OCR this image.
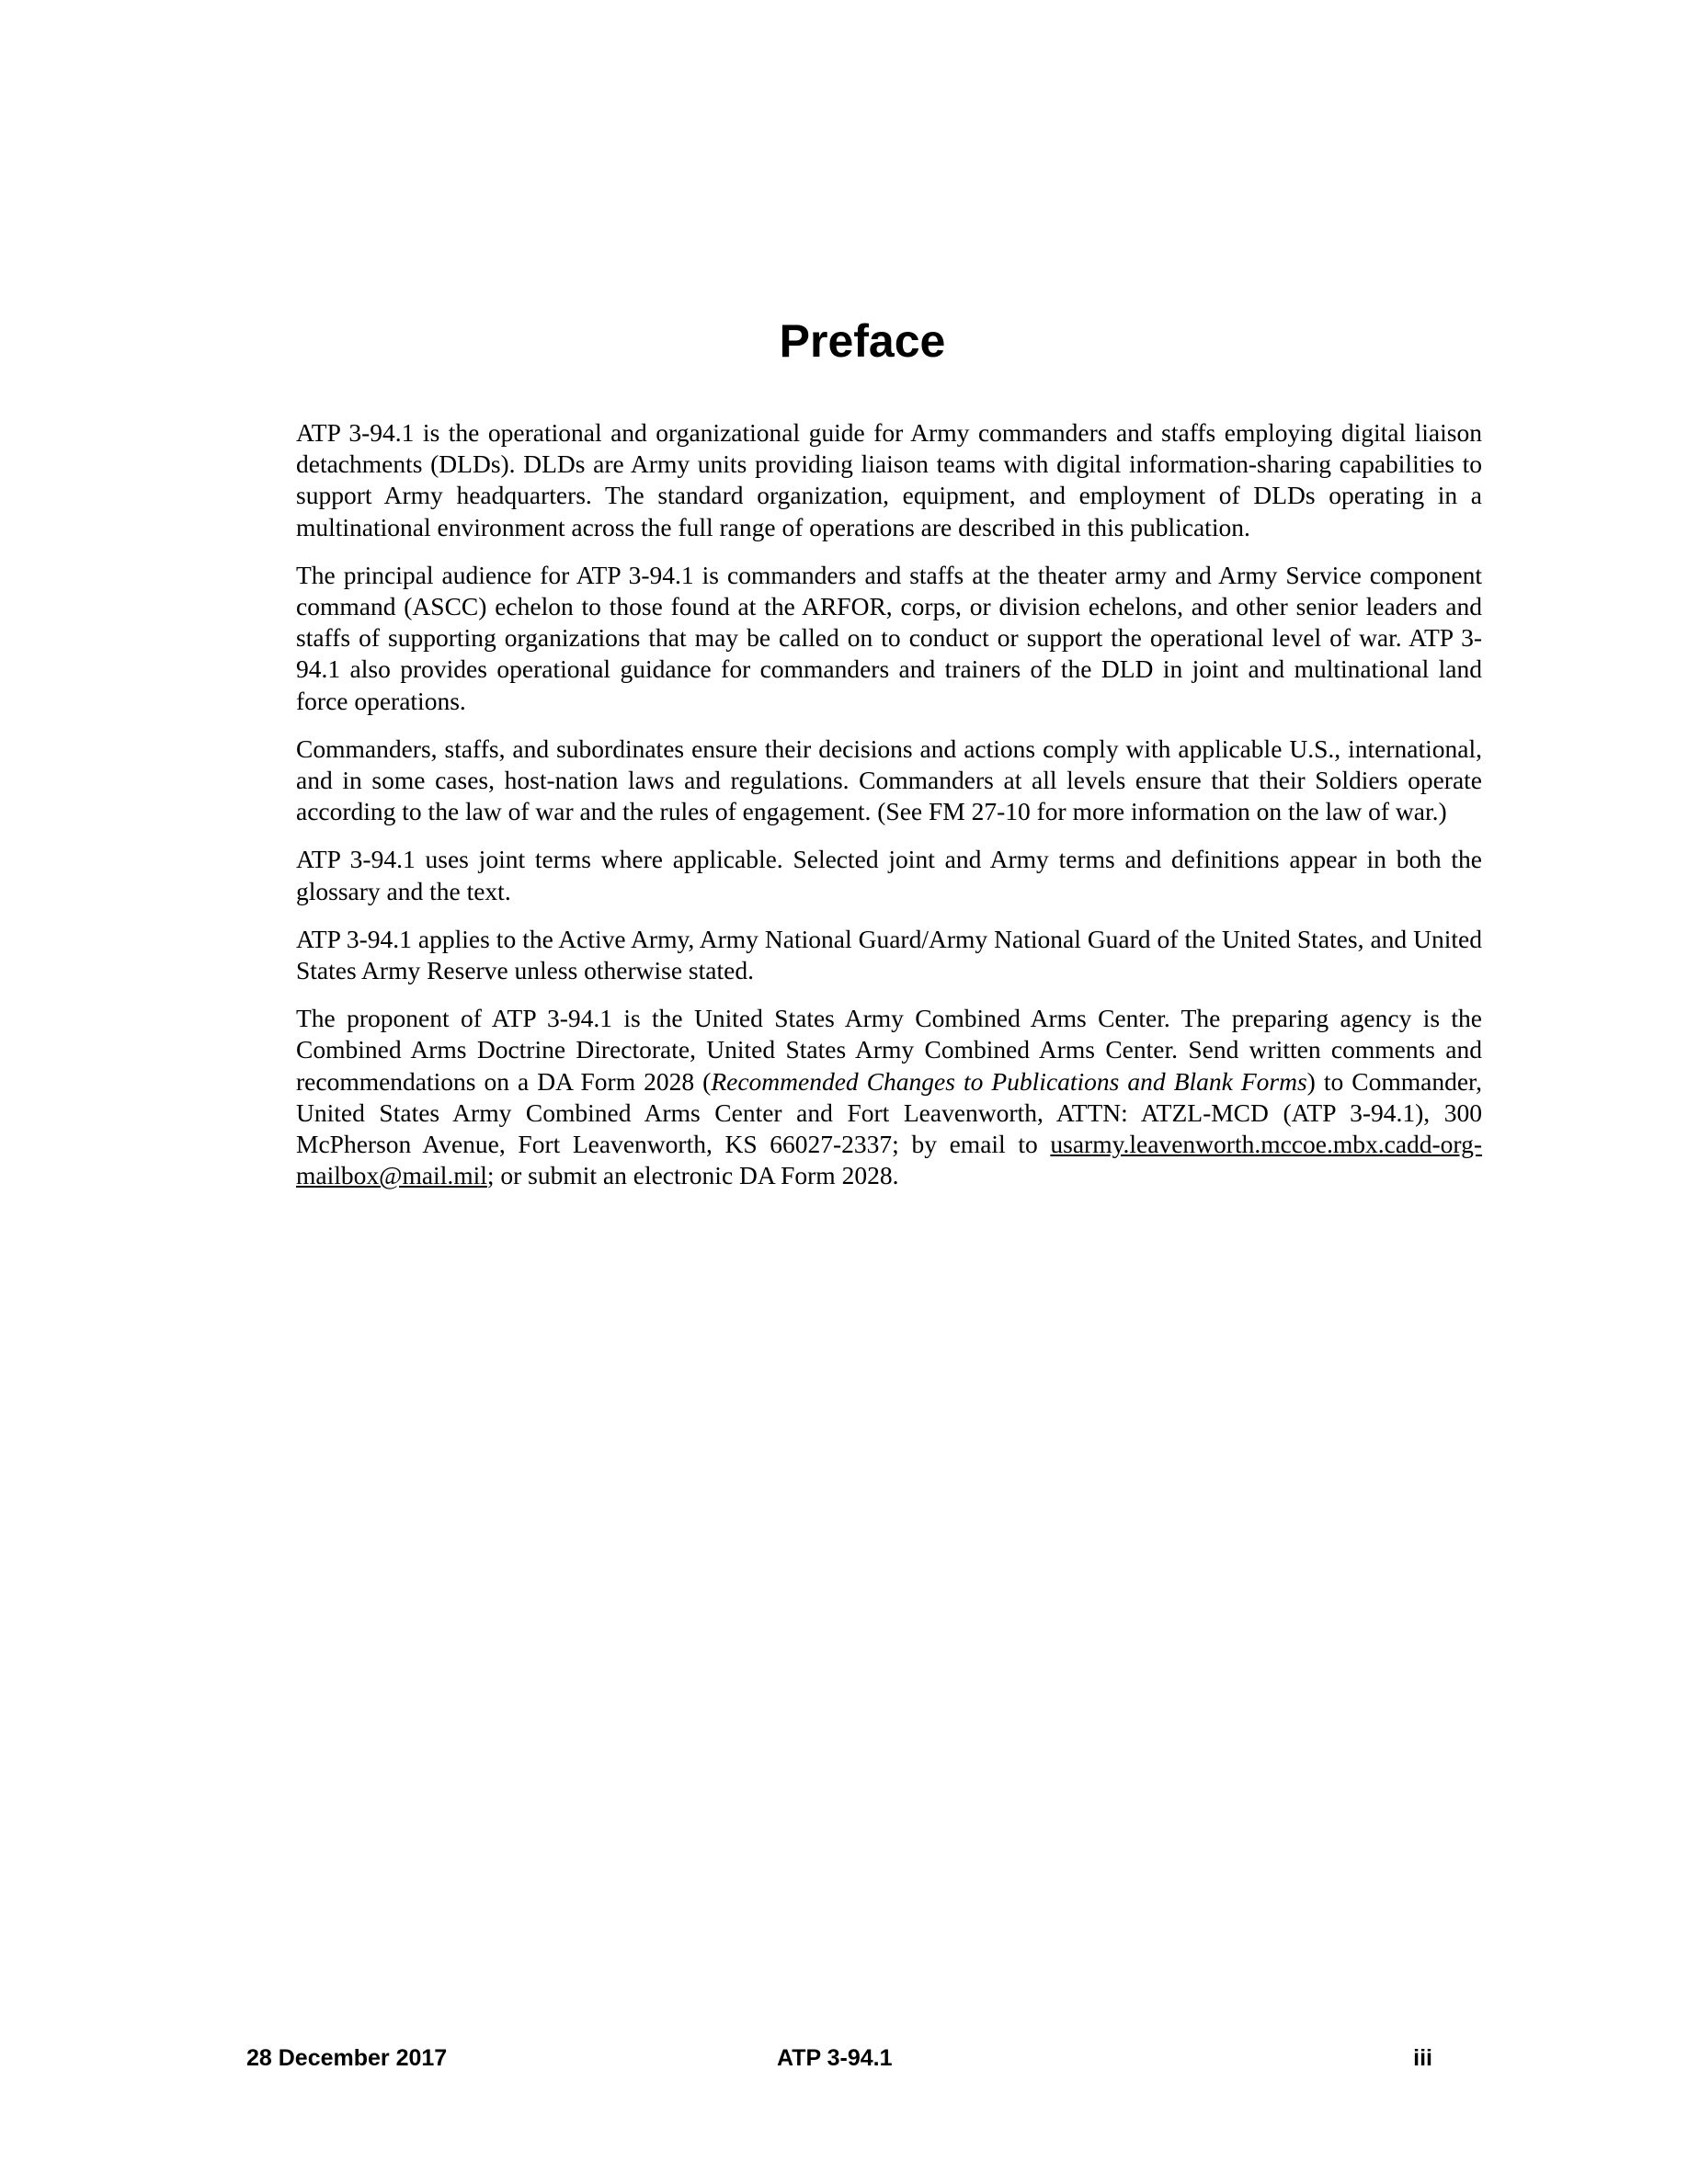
Preface

ATP 3-94.1 is the operational and organizational guide for Army commanders and staffs employing digital liaison detachments (DLDs). DLDs are Army units providing liaison teams with digital information-sharing capabilities to support Army headquarters. The standard organization, equipment, and employment of DLDs operating in a multinational environment across the full range of operations are described in this publication.

The principal audience for ATP 3-94.1 is commanders and staffs at the theater army and Army Service component command (ASCC) echelon to those found at the ARFOR, corps, or division echelons, and other senior leaders and staffs of supporting organizations that may be called on to conduct or support the operational level of war. ATP 3-94.1 also provides operational guidance for commanders and trainers of the DLD in joint and multinational land force operations.

Commanders, staffs, and subordinates ensure their decisions and actions comply with applicable U.S., international, and in some cases, host-nation laws and regulations. Commanders at all levels ensure that their Soldiers operate according to the law of war and the rules of engagement. (See FM 27-10 for more information on the law of war.)

ATP 3-94.1 uses joint terms where applicable. Selected joint and Army terms and definitions appear in both the glossary and the text.

ATP 3-94.1 applies to the Active Army, Army National Guard/Army National Guard of the United States, and United States Army Reserve unless otherwise stated.

The proponent of ATP 3-94.1 is the United States Army Combined Arms Center. The preparing agency is the Combined Arms Doctrine Directorate, United States Army Combined Arms Center. Send written comments and recommendations on a DA Form 2028 (Recommended Changes to Publications and Blank Forms) to Commander, United States Army Combined Arms Center and Fort Leavenworth, ATTN: ATZL-MCD (ATP 3-94.1), 300 McPherson Avenue, Fort Leavenworth, KS 66027-2337; by email to usarmy.leavenworth.mccoe.mbx.cadd-org-mailbox@mail.mil; or submit an electronic DA Form 2028.

28 December 2017	ATP 3-94.1	iii
